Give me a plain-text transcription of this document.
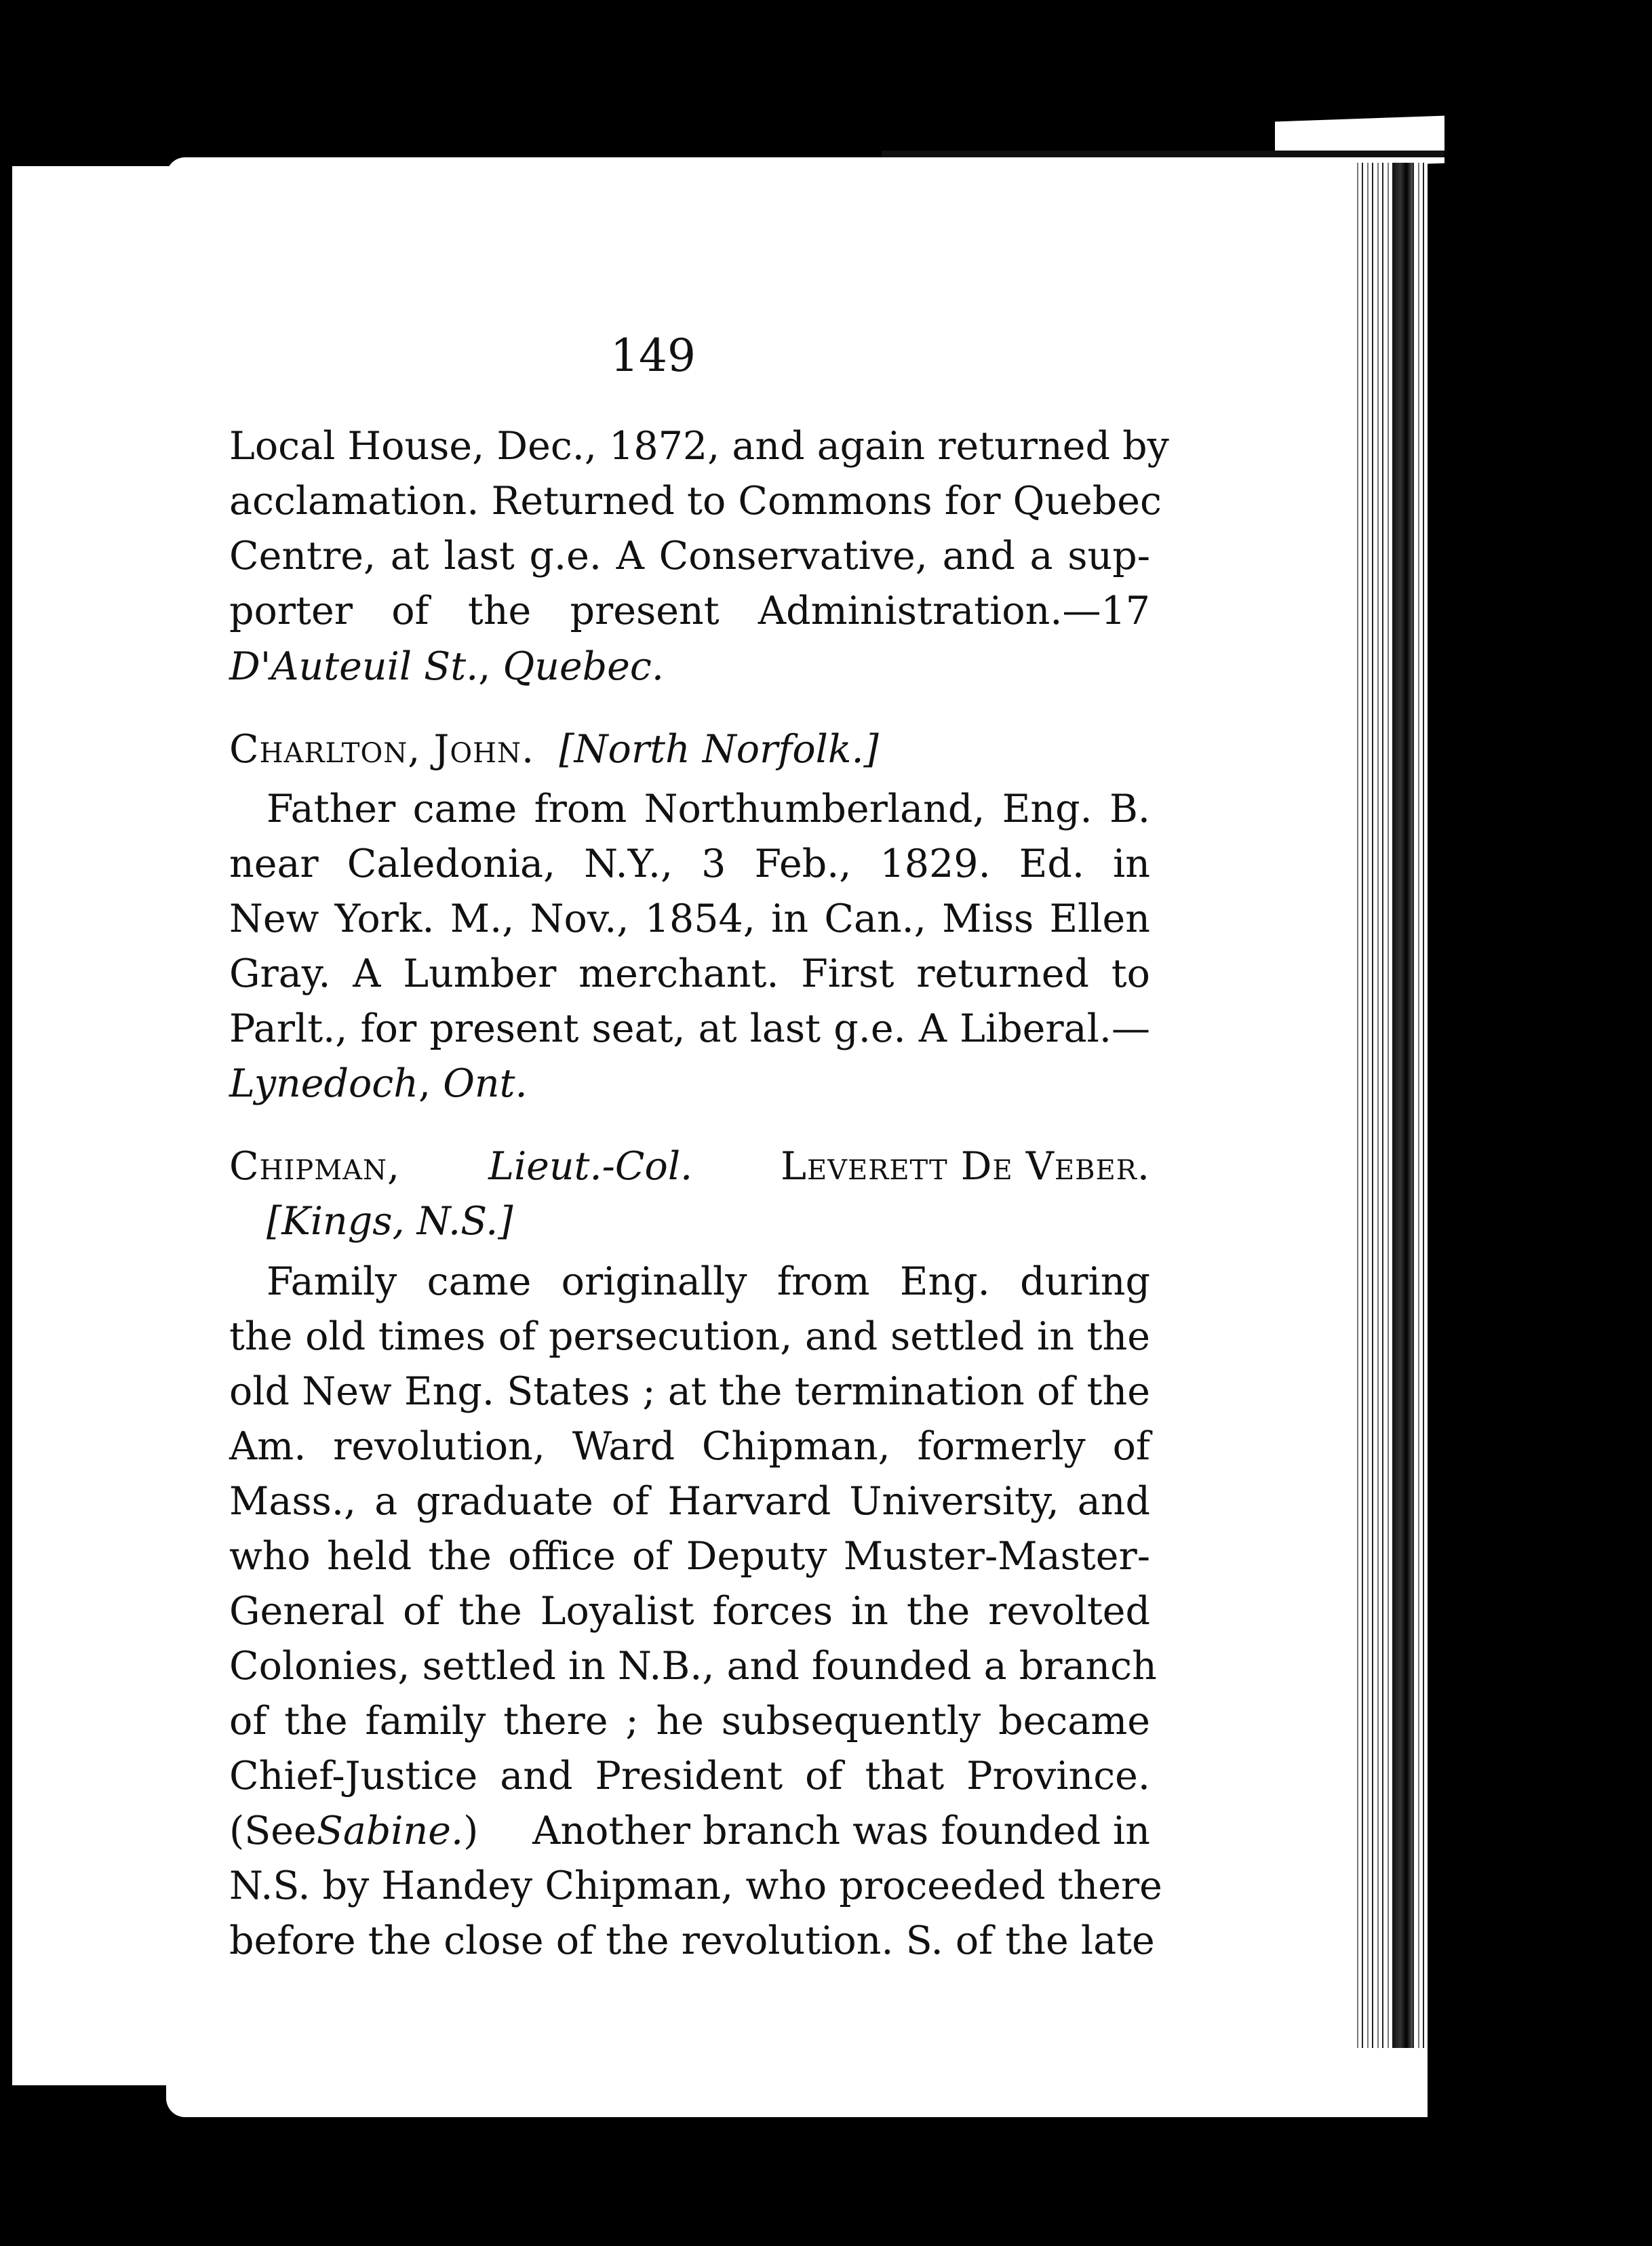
149
Local House, Dec., 1872, and again returned by
acclamation. Returned to Commons for Quebec
Centre, at last g.e. A Conservative, and a sup-
porter of the present Administration.—17
D'Auteuil St., Quebec.
Charlton, John. [North Norfolk.]
Father came from Northumberland, Eng. B.
near Caledonia, N.Y., 3 Feb., 1829. Ed. in
New York. M., Nov., 1854, in Can., Miss Ellen
Gray. A Lumber merchant. First returned to
Parlt., for present seat, at last g.e. A Liberal.—
Lynedoch, Ont.
Chipman, Lieut.-Col. Leverett De Veber.
[Kings, N.S.]
Family came originally from Eng. during
the old times of persecution, and settled in the
old New Eng. States ; at the termination of the
Am. revolution, Ward Chipman, formerly of
Mass., a graduate of Harvard University, and
who held the office of Deputy Muster-Master-
General of the Loyalist forces in the revolted
Colonies, settled in N.B., and founded a branch
of the family there ; he subsequently became
Chief-Justice and President of that Province.
(See Sabine. )	Another branch was founded in
N.S. by Handey Chipman, who proceeded there
before the close of the revolution. S. of the late
